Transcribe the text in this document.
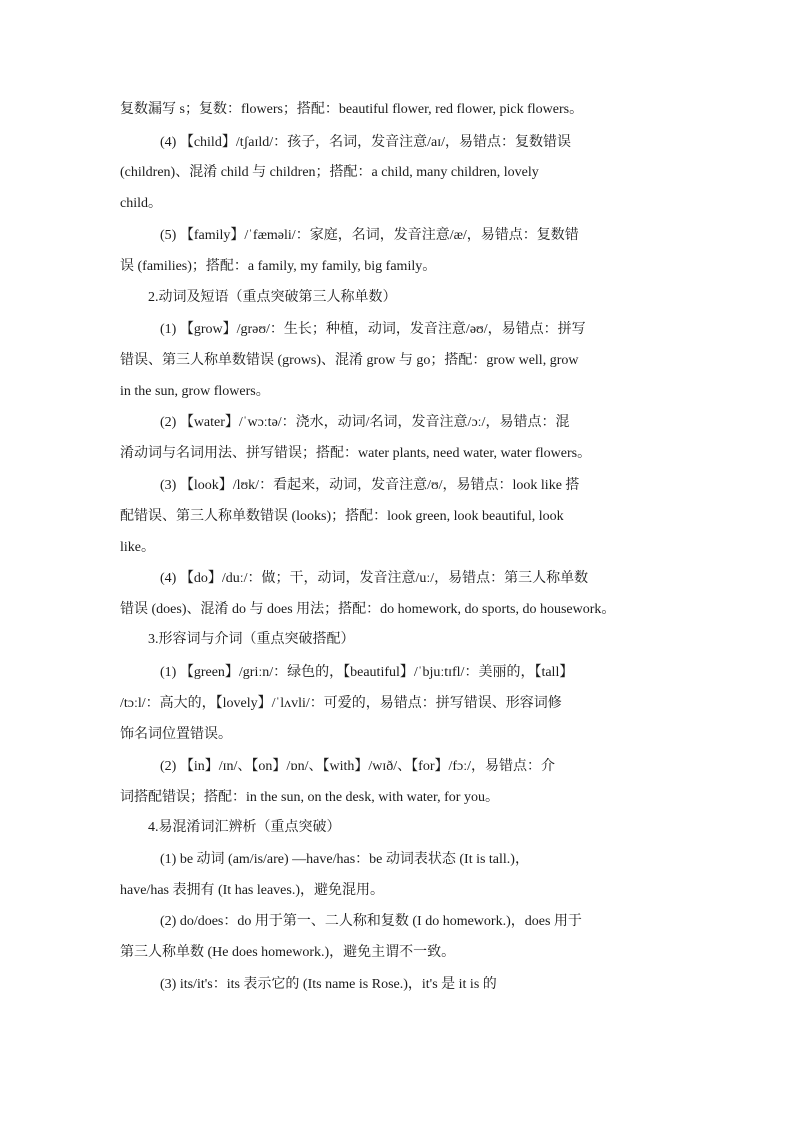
复数漏写 s；复数：flowers；搭配：beautiful flower, red flower, pick flowers。
(4) 【child】/tʃaɪld/：孩子，名词，发音注意/aɪ/，易错点：复数错误
(children)、混淆 child 与 children；搭配：a child, many children, lovely
child。
(5) 【family】/ˈfæməli/：家庭，名词，发音注意/æ/，易错点：复数错
误 (families)；搭配：a family, my family, big family。
2.动词及短语（重点突破第三人称单数）
(1) 【grow】/grəʊ/：生长；种植，动词，发音注意/əʊ/，易错点：拼写
错误、第三人称单数错误 (grows)、混淆 grow 与 go；搭配：grow well, grow
in the sun, grow flowers。
(2) 【water】/ˈwɔːtə/：浇水，动词/名词，发音注意/ɔː/，易错点：混
淆动词与名词用法、拼写错误；搭配：water plants, need water, water flowers。
(3) 【look】/lʊk/：看起来，动词，发音注意/ʊ/，易错点：look like 搭
配错误、第三人称单数错误 (looks)；搭配：look green, look beautiful, look
like。
(4) 【do】/duː/：做；干，动词，发音注意/uː/，易错点：第三人称单数
错误 (does)、混淆 do 与 does 用法；搭配：do homework, do sports, do housework。
3.形容词与介词（重点突破搭配）
(1) 【green】/griːn/：绿色的，【beautiful】/ˈbjuːtɪfl/：美丽的，【tall】
/tɔːl/：高大的，【lovely】/ˈlʌvli/：可爱的，易错点：拼写错误、形容词修
饰名词位置错误。
(2) 【in】/ɪn/、【on】/ɒn/、【with】/wɪð/、【for】/fɔː/，易错点：介
词搭配错误；搭配：in the sun, on the desk, with water, for you。
4.易混淆词汇辨析（重点突破）
(1) be 动词 (am/is/are) —have/has：be 动词表状态 (It is tall.)，
have/has 表拥有 (It has leaves.)，避免混用。
(2) do/does：do 用于第一、二人称和复数 (I do homework.)，does 用于
第三人称单数 (He does homework.)，避免主谓不一致。
(3) its/it's：its 表示它的 (Its name is Rose.)，it's 是 it is 的
